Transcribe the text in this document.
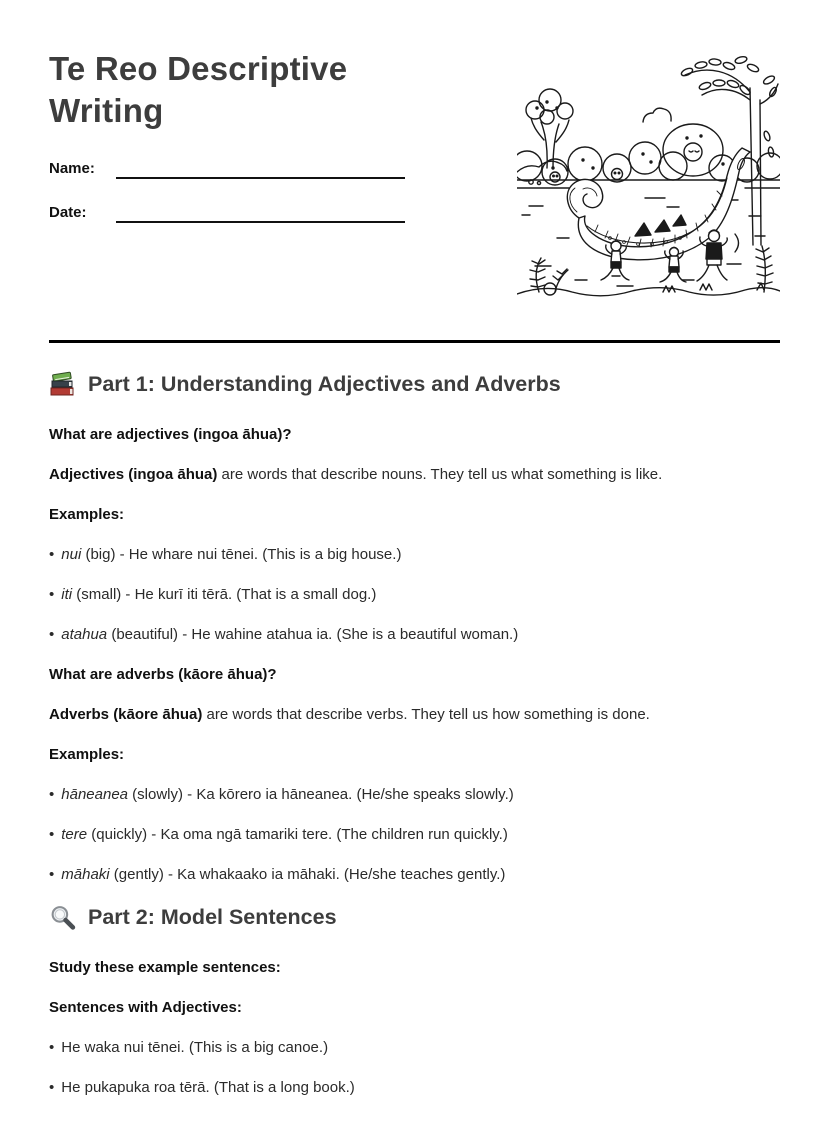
Te Reo Descriptive Writing
Name:
Date:
Part 1: Understanding Adjectives and Adverbs

What are adjectives (ingoa āhua)?

Adjectives (ingoa āhua) are words that describe nouns. They tell us what something is like.

Examples:

• nui (big) - He whare nui tēnei. (This is a big house.)

• iti (small) - He kurī iti tērā. (That is a small dog.)

• atahua (beautiful) - He wahine atahua ia. (She is a beautiful woman.)

What are adverbs (kāore āhua)?

Adverbs (kāore āhua) are words that describe verbs. They tell us how something is done.

Examples:

• hāneanea (slowly) - Ka kōrero ia hāneanea. (He/she speaks slowly.)

• tere (quickly) - Ka oma ngā tamariki tere. (The children run quickly.)

• māhaki (gently) - Ka whakaako ia māhaki. (He/she teaches gently.)

Part 2: Model Sentences

Study these example sentences:

Sentences with Adjectives:

• He waka nui tēnei. (This is a big canoe.)

• He pukapuka roa tērā. (That is a long book.)
